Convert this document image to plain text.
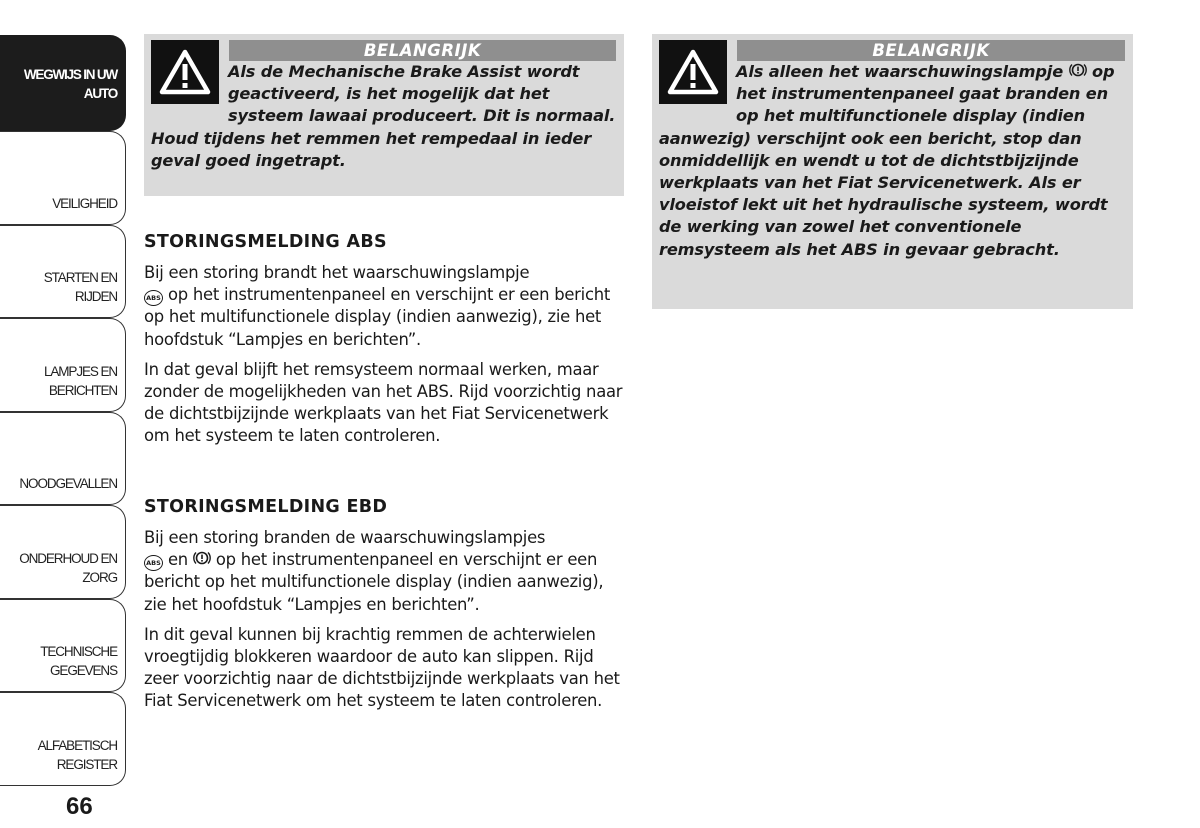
WEGWIJS IN UW
AUTO
VEILIGHEID
STARTEN EN RIJDEN
LAMPJES EN
BERICHTEN
NOODGEVALLEN
ONDERHOUD EN
ZORG
TECHNISCHE
GEGEVENS
ALFABETISCH
REGISTER
66
BELANGRIJK
Als de Mechanische Brake Assist wordt geactiveerd, is het mogelijk dat het systeem lawaai produceert. Dit is normaal. Houd tijdens het remmen het rempedaal in ieder geval goed ingetrapt.
BELANGRIJK
Als alleen het waarschuwingslampje op het instrumentenpaneel gaat branden en op het multifunctionele display (indien aanwezig) verschijnt ook een bericht, stop dan onmiddellijk en wendt u tot de dichtstbijzijnde werkplaats van het Fiat Servicenetwerk. Als er vloeistof lekt uit het hydraulische systeem, wordt de werking van zowel het conventionele remsysteem als het ABS in gevaar gebracht.
STORINGSMELDING ABS

Bij een storing brandt het waarschuwingslampje
ABS op het instrumentenpaneel en verschijnt er een bericht op het multifunctionele display (indien aanwezig), zie het hoofdstuk “Lampjes en berichten”.

In dat geval blijft het remsysteem normaal werken, maar zonder de mogelijkheden van het ABS. Rijd voorzichtig naar de dichtstbijzijnde werkplaats van het Fiat Servicenetwerk om het systeem te laten controleren.

STORINGSMELDING EBD

Bij een storing branden de waarschuwingslampjes
ABS en op het instrumentenpaneel en verschijnt er een bericht op het multifunctionele display (indien aanwezig), zie het hoofdstuk “Lampjes en berichten”.

In dit geval kunnen bij krachtig remmen de achterwielen vroegtijdig blokkeren waardoor de auto kan slippen. Rijd zeer voorzichtig naar de dichtstbijzijnde werkplaats van het Fiat Servicenetwerk om het systeem te laten controleren.
